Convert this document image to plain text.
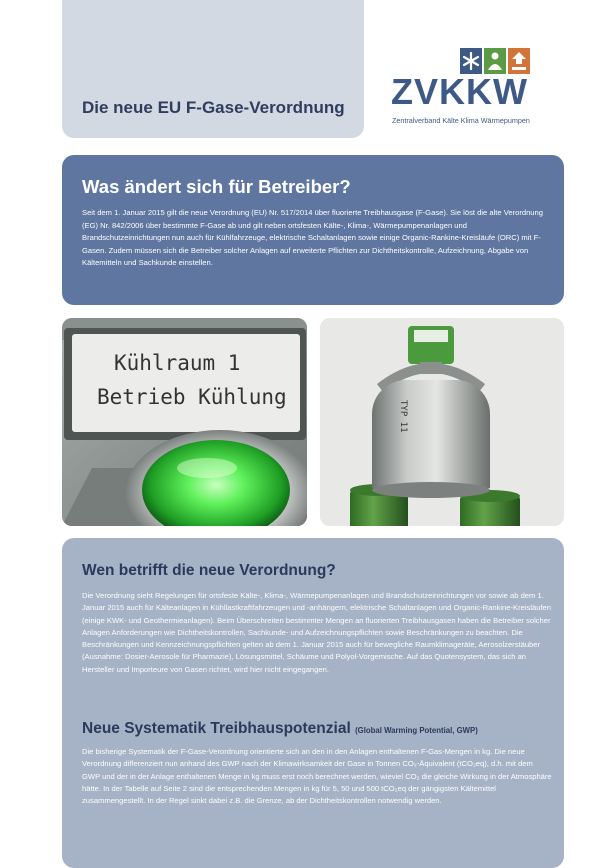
Die neue EU F-Gase-Verordnung ZVKKW
Zentralverband Kälte Klima Wärmepumpen
Was ändert sich für Betreiber?

Seit dem 1. Januar 2015 gilt die neue Verordnung (EU) Nr. 517/2014 über fluorierte Treibhausgase (F-Gase). Sie löst die alte Verordnung (EG) Nr. 842/2006 über bestimmte F-Gase ab und gilt neben ortsfesten Kälte-, Klima-, Wärmepumpenanlagen und Brandschutzeinrichtungen nun auch für Kühlfahrzeuge, elektrische Schaltanlagen sowie einige Organic-Rankine-Kreisläufe (ORC) mit F-Gasen. Zudem müssen sich die Betreiber solcher Anlagen auf erweiterte Pflichten zur Dichtheitskontrolle, Aufzeichnung, Abgabe von Kältemitteln und Sachkunde einstellen.

Kühlraum 1
Betrieb Kühlung
TYP 11
Wen betrifft die neue Verordnung?

Die Verordnung sieht Regelungen für ortsfeste Kälte-, Klima-, Wärmepumpenanlagen und Brandschutzeinrichtungen vor sowie ab dem 1. Januar 2015 auch für Kälteanlagen in Kühllastkraftfahrzeugen und -anhängern, elektrische Schaltanlagen und Organic-Rankine-Kreisläufen (einige KWK- und Geothermieanlagen). Beim Überschreiten bestimmter Mengen an fluorierten Treibhausgasen haben die Betreiber solcher Anlagen Anforderungen wie Dichtheitskontrollen, Sachkunde- und Aufzeichnungspflichten sowie Beschränkungen zu beachten. Die Beschränkungen und Kennzeichnungspflichten gelten ab dem 1. Januar 2015 auch für bewegliche Raumklimageräte, Aerosolzerstäuber (Ausnahme: Dosier-Aerosole für Pharmazie), Lösungsmittel, Schäume und Polyol-Vorgemische. Auf das Quotensystem, das sich an Hersteller und Importeure von Gasen richtet, wird hier nicht eingegangen.

Neue Systematik Treibhauspotenzial (Global Warming Potential, GWP)

Die bisherige Systematik der F-Gase-Verordnung orientierte sich an den in den Anlagen enthaltenen F-Gas-Mengen in kg. Die neue Verordnung differenziert nun anhand des GWP nach der Klimawirksamkeit der Gase in Tonnen CO₂-Äquivalent (tCO₂eq), d.h. mit dem GWP und der in der Anlage enthaltenen Menge in kg muss erst noch berechnet werden, wieviel CO₂ die gleiche Wirkung in der Atmosphäre hätte. In der Tabelle auf Seite 2 sind die entsprechenden Mengen in kg für 5, 50 und 500 tCO₂eq der gängigsten Kältemittel zusammengestellt. In der Regel sinkt dabei z.B. die Grenze, ab der Dichtheitskontrollen notwendig werden.
